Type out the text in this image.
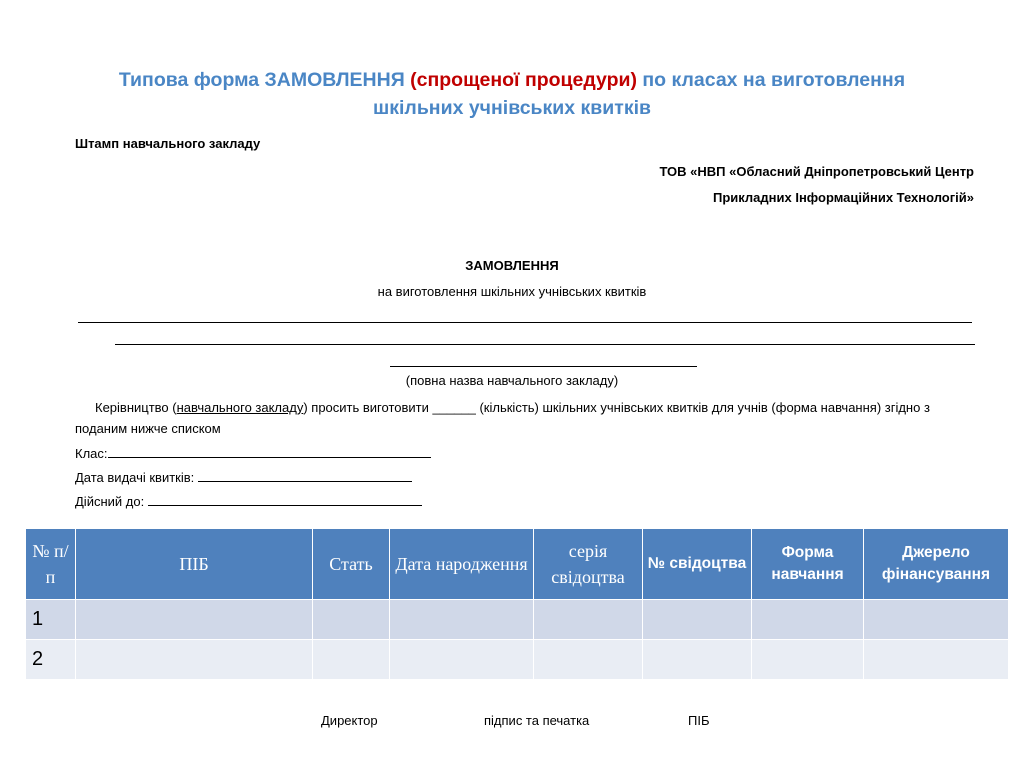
Типова форма ЗАМОВЛЕННЯ (спрощеної процедури) по класах на виготовлення
шкільних учнівських квитків
Штамп навчального закладу
ТОВ «НВП «Обласний Дніпропетровський Центр
Прикладних Інформаційних Технологій»
ЗАМОВЛЕННЯ
на виготовлення шкільних учнівських квитків
(повна назва навчального закладу)
Керівництво (навчального закладу) просить виготовити ______ (кількість) шкільних учнівських квитків для учнів (форма навчання) згідно з поданим нижче списком
Клас:
Дата видачі квитків:
Дійсний до:
№ п/п	ПІБ	Стать	Дата народження	серія свідоцтва	№ свідоцтва	Форма навчання	Джерело фінансування
1							
2							
Директор	підпис та печатка	ПІБ
